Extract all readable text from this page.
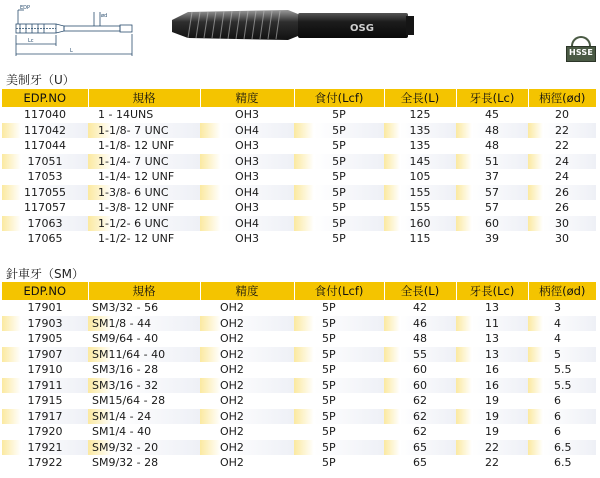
EDP
Lc
L
ød
OSG
HSSE
美制牙（U）
EDP.NO	規格	精度	食付(Lcf)	全長(L)	牙長(Lc)	柄徑(ød)
117040	1 - 14UNS	OH3	5P	125	45	20
117042	1-1/8- 7 UNC	OH4	5P	135	48	22
117044	1-1/8- 12 UNF	OH3	5P	135	48	22
17051	1-1/4- 7 UNC	OH3	5P	145	51	24
17053	1-1/4- 12 UNF	OH3	5P	105	37	24
117055	1-3/8- 6 UNC	OH4	5P	155	57	26
117057	1-3/8- 12 UNF	OH3	5P	155	57	26
17063	1-1/2- 6 UNC	OH4	5P	160	60	30
17065	1-1/2- 12 UNF	OH3	5P	115	39	30
針車牙（SM）
EDP.NO	規格	精度	食付(Lcf)	全長(L)	牙長(Lc)	柄徑(ød)
17901	SM3/32 - 56	OH2	5P	42	13	3
17903	SM1/8 - 44	OH2	5P	46	11	4
17905	SM9/64 - 40	OH2	5P	48	13	4
17907	SM11/64 - 40	OH2	5P	55	13	5
17910	SM3/16 - 28	OH2	5P	60	16	5.5
17911	SM3/16 - 32	OH2	5P	60	16	5.5
17915	SM15/64 - 28	OH2	5P	62	19	6
17917	SM1/4 - 24	OH2	5P	62	19	6
17920	SM1/4 - 40	OH2	5P	62	19	6
17921	SM9/32 - 20	OH2	5P	65	22	6.5
17922	SM9/32 - 28	OH2	5P	65	22	6.5
